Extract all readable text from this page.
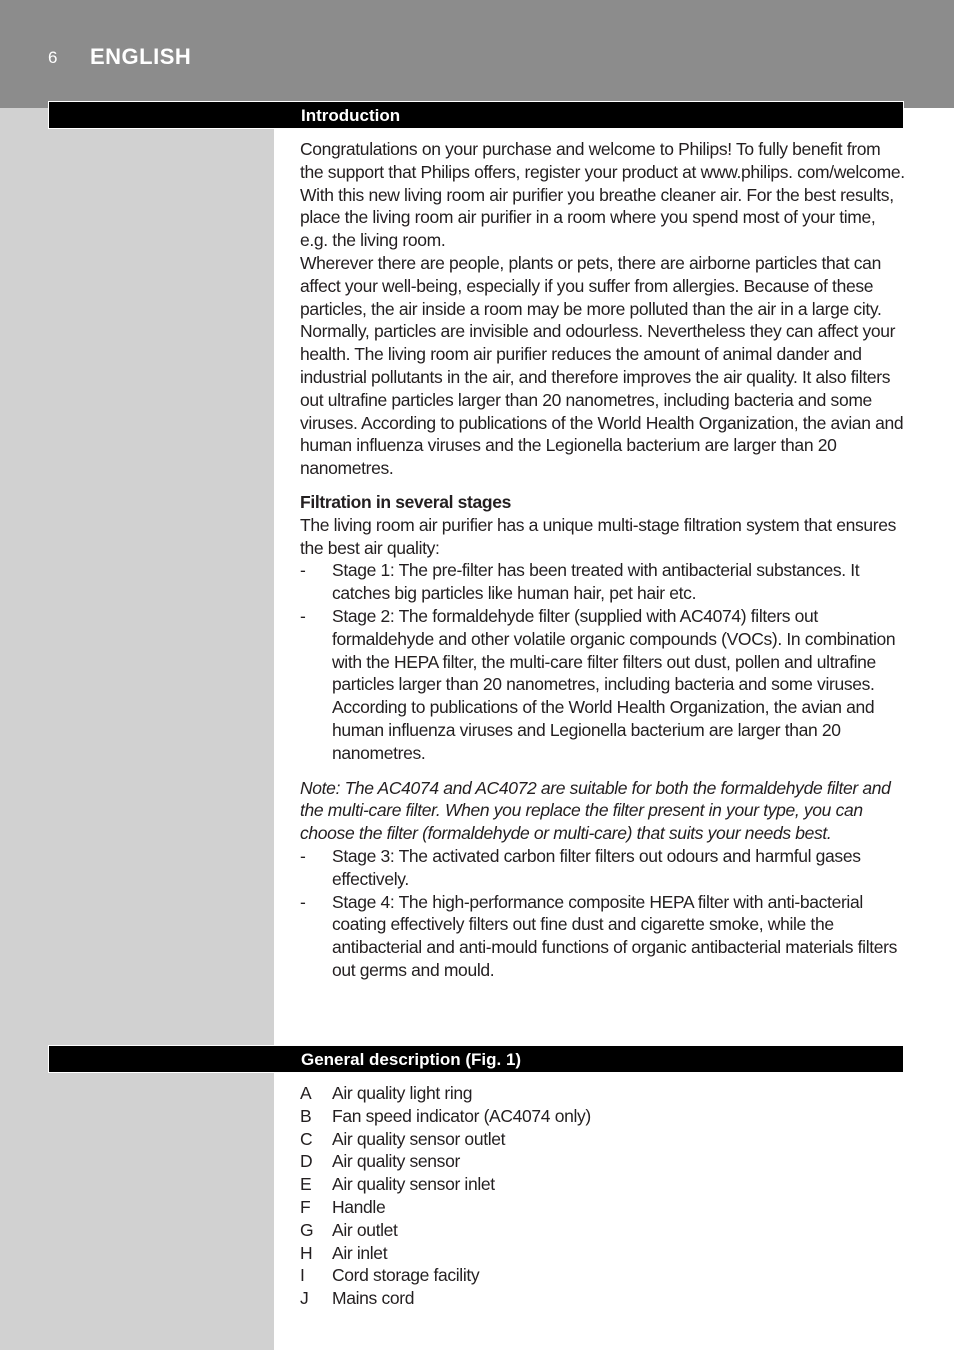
6 ENGLISH
Introduction

Congratulations on your purchase and welcome to Philips! To fully benefit from the support that Philips offers, register your product at www.philips. com/welcome.

With this new living room air purifier you breathe cleaner air. For the best results, place the living room air purifier in a room where you spend most of your time, e.g. the living room.

Wherever there are people, plants or pets, there are airborne particles that can affect your well-being, especially if you suffer from allergies. Because of these particles, the air inside a room may be more polluted than the air in a large city.

Normally, particles are invisible and odourless. Nevertheless they can affect your health. The living room air purifier reduces the amount of animal dander and industrial pollutants in the air, and therefore improves the air quality. It also filters out ultrafine particles larger than 20 nanometres, including bacteria and some viruses. According to publications of the World Health Organization, the avian and human influenza viruses and the Legionella bacterium are larger than 20 nanometres.

Filtration in several stages

The living room air purifier has a unique multi-stage filtration system that ensures the best air quality:

- Stage 1: The pre-filter has been treated with antibacterial substances. It catches big particles like human hair, pet hair etc.
- Stage 2: The formaldehyde filter (supplied with AC4074) filters out formaldehyde and other volatile organic compounds (VOCs). In combination with the HEPA filter, the multi-care filter filters out dust, pollen and ultrafine particles larger than 20 nanometres, including bacteria and some viruses. According to publications of the World Health Organization, the avian and human influenza viruses and Legionella bacterium are larger than 20 nanometres.

Note: The AC4074 and AC4072 are suitable for both the formaldehyde filter and the multi-care filter. When you replace the filter present in your type, you can choose the filter (formaldehyde or multi-care) that suits your needs best.

- Stage 3: The activated carbon filter filters out odours and harmful gases effectively.
- Stage 4: The high-performance composite HEPA filter with anti-bacterial coating effectively filters out fine dust and cigarette smoke, while the antibacterial and anti-mould functions of organic antibacterial materials filters out germs and mould.
General description (Fig. 1)
A Air quality light ring
B Fan speed indicator (AC4074 only)
C Air quality sensor outlet
D Air quality sensor
E Air quality sensor inlet
F Handle
G Air outlet
H Air inlet
I Cord storage facility
J Mains cord
